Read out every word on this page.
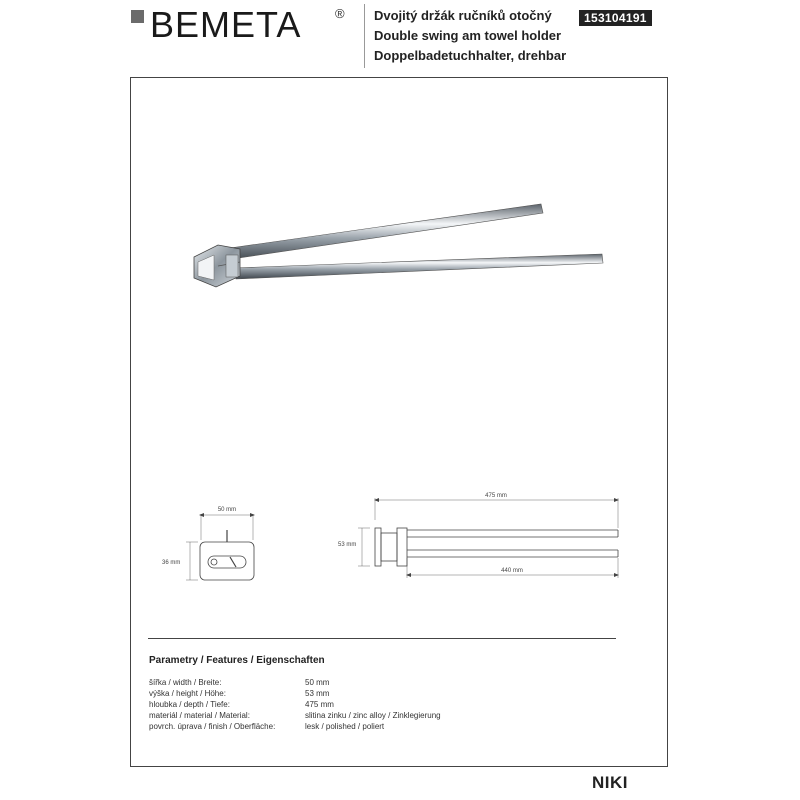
BEMETA	® Dvojitý držák ručníků otočný
Double swing am towel holder
Doppelbadetuchhalter, drehbar
153104191
50 mm
36 mm
475 mm
53 mm
440 mm
Parametry / Features / Eigenschaften
šířka / width / Breite:	50 mm
výška / height / Höhe:	53 mm
hloubka / depth / Tiefe:	475 mm
materiál / material / Material:	slitina zinku / zinc alloy / Zinklegierung
povrch. úprava / finish / Oberfläche:	lesk / polished / poliert
NIKI
